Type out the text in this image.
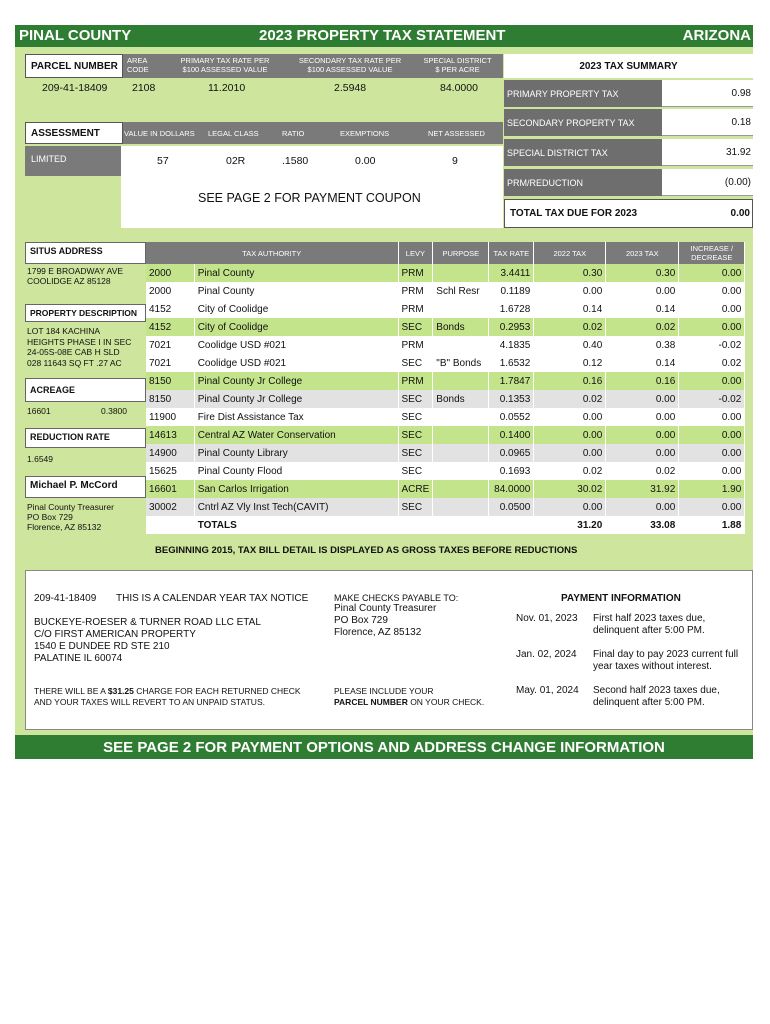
PINAL COUNTY	2023 PROPERTY TAX STATEMENT	ARIZONA
PARCEL NUMBER	AREA
CODE
PRIMARY TAX RATE PER
$100 ASSESSED VALUE
SECONDARY TAX RATE PER
$100 ASSESSED VALUE
SPECIAL DISTRICT
$ PER ACRE
209-41-18409 2108	11.2010	2.5948	84.0000
ASSESSMENT	VALUE IN DOLLARS LEGAL CLASS	RATIO	EXEMPTIONS	NET ASSESSED
LIMITED	57	02R	.1580	0.00	9
SEE PAGE 2 FOR PAYMENT COUPON
2023 TAX SUMMARY
PRIMARY PROPERTY TAX	0.98
SECONDARY PROPERTY TAX	0.18
SPECIAL DISTRICT TAX	31.92
PRM/REDUCTION	(0.00)
TOTAL TAX DUE FOR 2023	0.00
SITUS ADDRESS
1799 E BROADWAY AVE
COOLIDGE AZ 85128
PROPERTY DESCRIPTION
LOT 184 KACHINA
HEIGHTS PHASE I IN SEC
24-05S-08E CAB H SLD
028 11643 SQ FT .27 AC
ACREAGE
16601	0.3800
REDUCTION RATE
1.6549
Michael P. McCord
Pinal County Treasurer
PO Box 729
Florence, AZ 85132
TAX AUTHORITY		LEVY	PURPOSE	TAX RATE	2022 TAX	2023 TAX	INCREASE /
DECREASE
2000	Pinal County	PRM		3.4411	0.30	0.30	0.00
2000	Pinal County	PRM	Schl Resr	0.1189	0.00	0.00	0.00
4152	City of Coolidge	PRM		1.6728	0.14	0.14	0.00
4152	City of Coolidge	SEC	Bonds	0.2953	0.02	0.02	0.00
7021	Coolidge USD #021	PRM		4.1835	0.40	0.38	-0.02
7021	Coolidge USD #021	SEC	"B" Bonds	1.6532	0.12	0.14	0.02
8150	Pinal County Jr College	PRM		1.7847	0.16	0.16	0.00
8150	Pinal County Jr College	SEC	Bonds	0.1353	0.02	0.00	-0.02
11900	Fire Dist Assistance Tax	SEC		0.0552	0.00	0.00	0.00
14613	Central AZ Water Conservation	SEC		0.1400	0.00	0.00	0.00
14900	Pinal County Library	SEC		0.0965	0.00	0.00	0.00
15625	Pinal County Flood	SEC		0.1693	0.02	0.02	0.00
16601	San Carlos Irrigation	ACRE		84.0000	30.02	31.92	1.90
30002	Cntrl AZ Vly Inst Tech(CAVIT)	SEC		0.0500	0.00	0.00	0.00
	TOTALS				31.20	33.08	1.88
BEGINNING 2015, TAX BILL DETAIL IS DISPLAYED AS GROSS TAXES BEFORE REDUCTIONS
209-41-18409 THIS IS A CALENDAR YEAR TAX NOTICE
BUCKEYE-ROESER & TURNER ROAD LLC ETAL
C/O FIRST AMERICAN PROPERTY
1540 E DUNDEE RD STE 210
PALATINE IL 60074
THERE WILL BE A $31.25 CHARGE FOR EACH RETURNED CHECK
AND YOUR TAXES WILL REVERT TO AN UNPAID STATUS.
MAKE CHECKS PAYABLE TO:
Pinal County Treasurer
PO Box 729
Florence, AZ 85132
PLEASE INCLUDE YOUR
PARCEL NUMBER ON YOUR CHECK.
PAYMENT INFORMATION
Nov. 01, 2023 First half 2023 taxes due,
delinquent after 5:00 PM.
Jan. 02, 2024 Final day to pay 2023 current full
year taxes without interest.
May. 01, 2024 Second half 2023 taxes due,
delinquent after 5:00 PM.
SEE PAGE 2 FOR PAYMENT OPTIONS AND ADDRESS CHANGE INFORMATION
